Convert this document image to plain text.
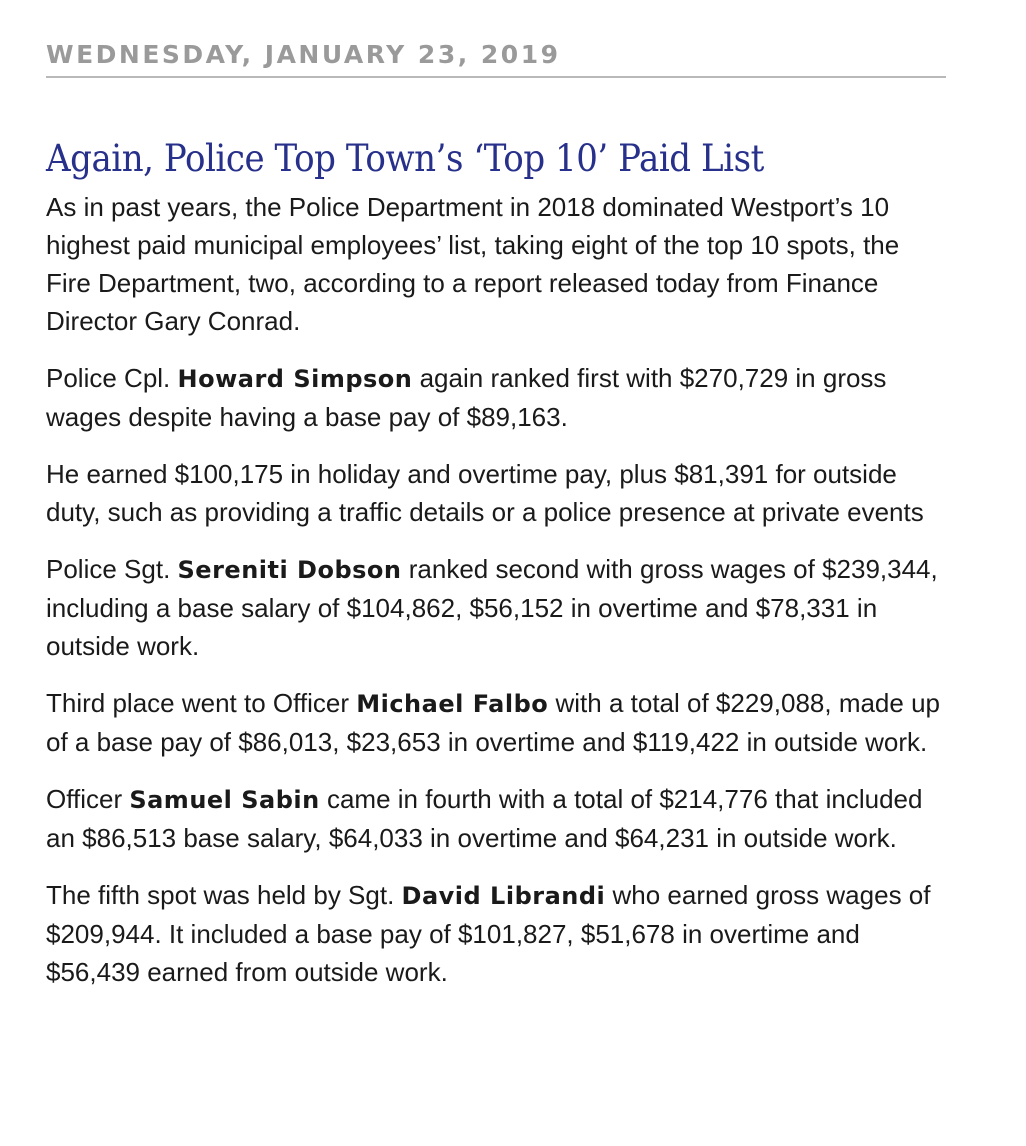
WEDNESDAY, JANUARY 23, 2019
Again, Police Top Town’s ‘Top 10’ Paid List

As in past years, the Police Department in 2018 dominated Westport’s 10 highest paid municipal employees’ list, taking eight of the top 10 spots, the Fire Department, two, according to a report released today from Finance Director Gary Conrad.

Police Cpl. Howard Simpson again ranked first with $270,729 in gross wages despite having a base pay of $89,163.

He earned $100,175 in holiday and overtime pay, plus $81,391 for outside duty, such as providing a traffic details or a police presence at private events

Police Sgt. Sereniti Dobson ranked second with gross wages of $239,344, including a base salary of $104,862, $56,152 in overtime and $78,331 in outside work.

Third place went to Officer Michael Falbo with a total of $229,088, made up of a base pay of $86,013, $23,653 in overtime and $119,422 in outside work.

Officer Samuel Sabin came in fourth with a total of $214,776 that included an $86,513 base salary, $64,033 in overtime and $64,231 in outside work.

The fifth spot was held by Sgt. David Librandi who earned gross wages of $209,944. It included a base pay of $101,827, $51,678 in overtime and $56,439 earned from outside work.
